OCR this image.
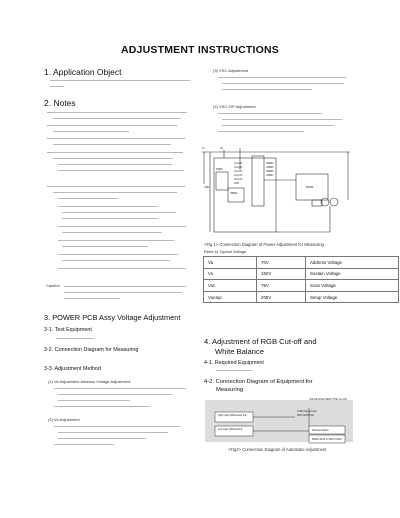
ADJUSTMENT INSTRUCTIONS
1. Application Object
2. Notes
Caution
3. POWER PCB Assy Voltage Adjustment
3-1. Test Equipment
3-2. Connection Diagram for Measuring
3-3. Adjustment Method
(1) Va Adjustment Address Voltage Adjustment
(2) Vs Adjustment
(3) VSC Adjustment
(4) VSC-FIP Adjustment
Vs	Va
SMPS
Vs+CTL
Vs+CTL
Vs+CTL
Vs+CTL
Vs+CTL
VFB
VRB04
VRB05
VRB06
VRB07
VRB01
GND	DMM
<Fig 1> Connection Diagram of Power Adjustment for Measuring
Refer to Typical Voltage
Va	70V	Address Voltage
Vs	182V	Sustain Voltage
Vsc	75V	Scan Voltage
Vsetup	205V	Setup Voltage
4. Adjustment of RGB Cut-off and
White Balance
4-1. Required Equipment
4-2. Connection Diagram of Equipment for
Measuring
COLOR ANALYZER TYPE: CA-100
High Light (White/Gold Ind)
Low Light (White/Gold)
CVBS Signal Input
PDP MONITOR
Window Pattern
MSPG-3100 or MSTG-5400
<Fig2> Connection Diagram of Automatic Adjustment
